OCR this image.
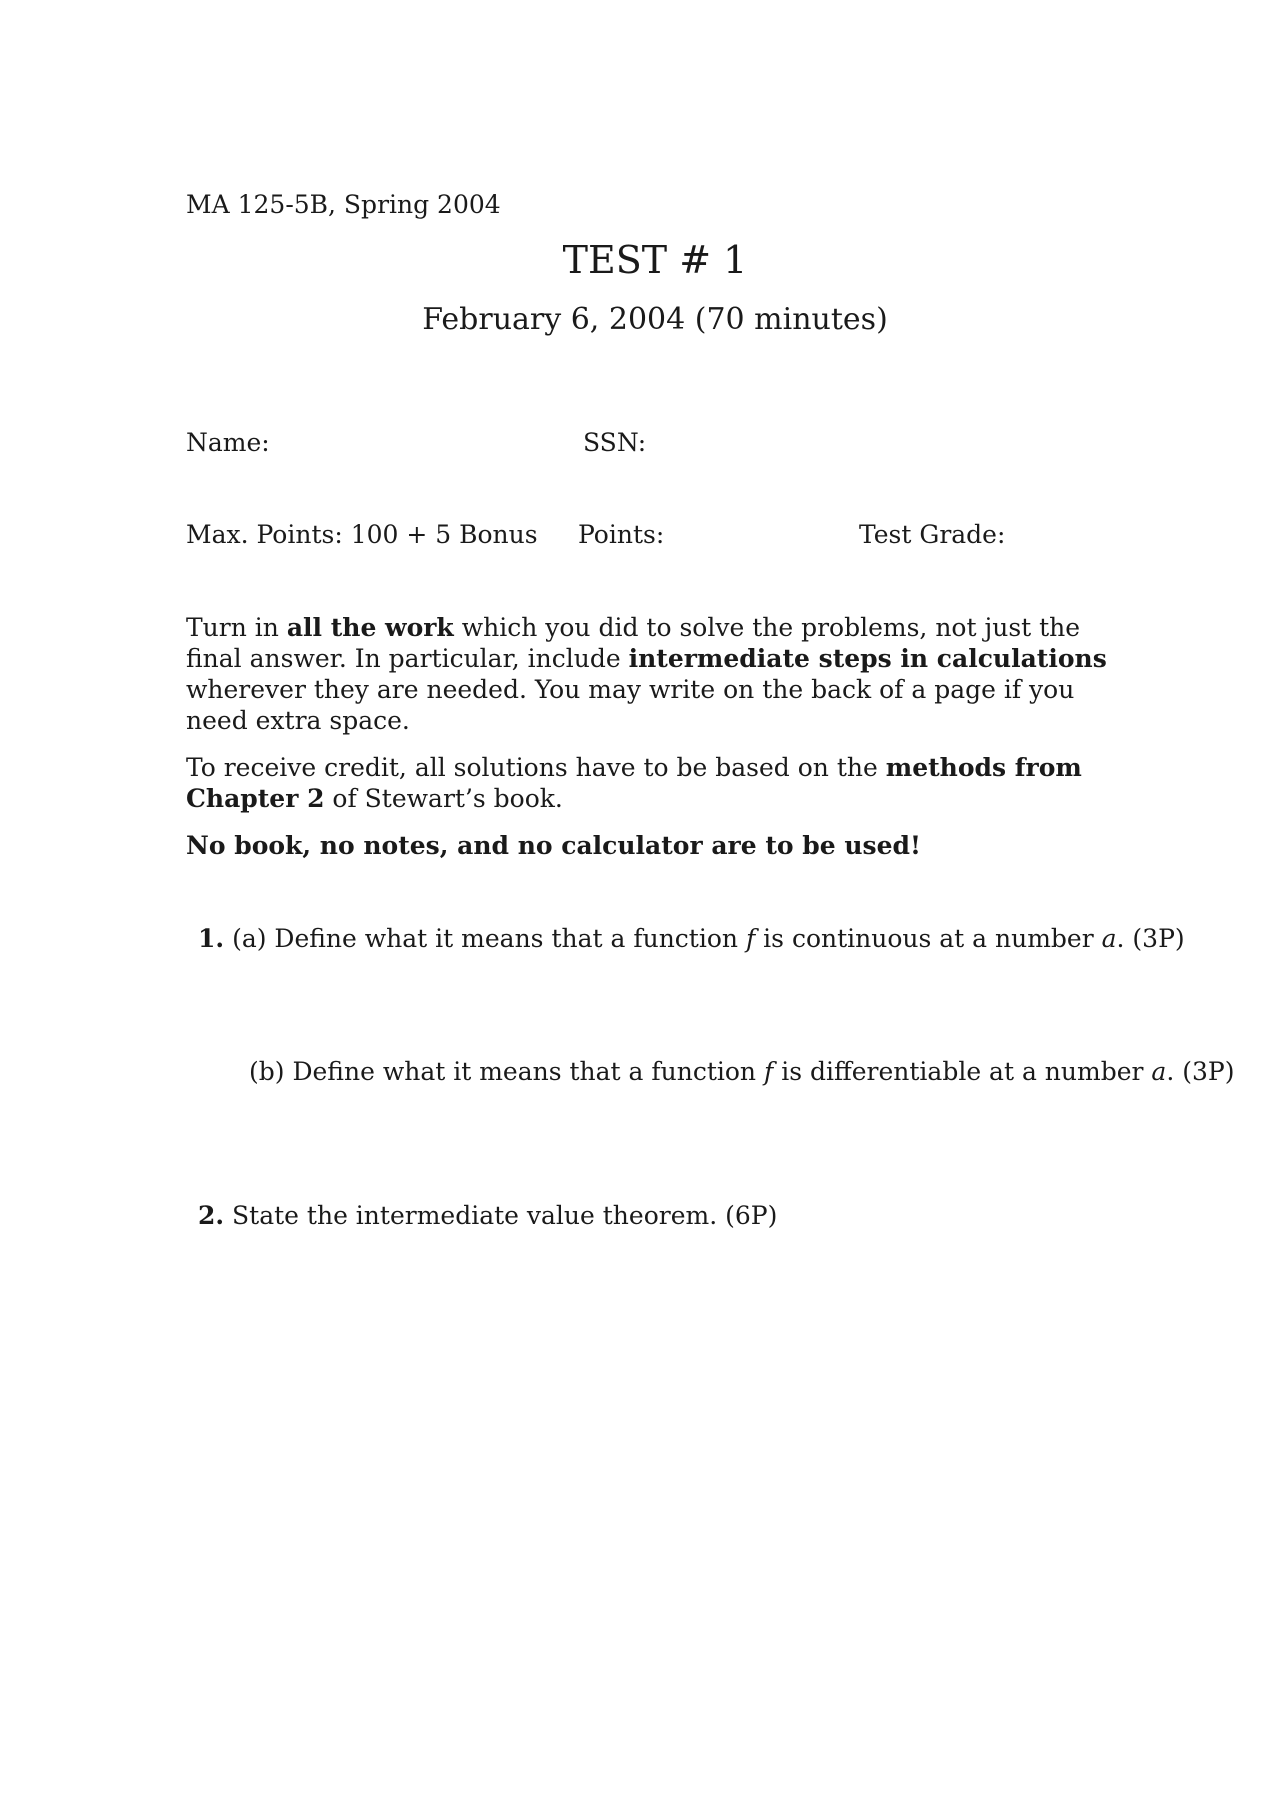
MA 125-5B, Spring 2004
TEST # 1
February 6, 2004 (70 minutes)
Name:	SSN:
Max. Points: 100 + 5 Bonus Points:	Test Grade:

Turn in all the work which you did to solve the problems, not just the final answer. In particular, include intermediate steps in calculations wherever they are needed. You may write on the back of a page if you need extra space.

To receive credit, all solutions have to be based on the methods from Chapter 2 of Stewart’s book.

No book, no notes, and no calculator are to be used!

1. (a) Define what it means that a function f is continuous at a number a. (3P)
(b) Define what it means that a function f is differentiable at a number a. (3P)
2. State the intermediate value theorem. (6P)
